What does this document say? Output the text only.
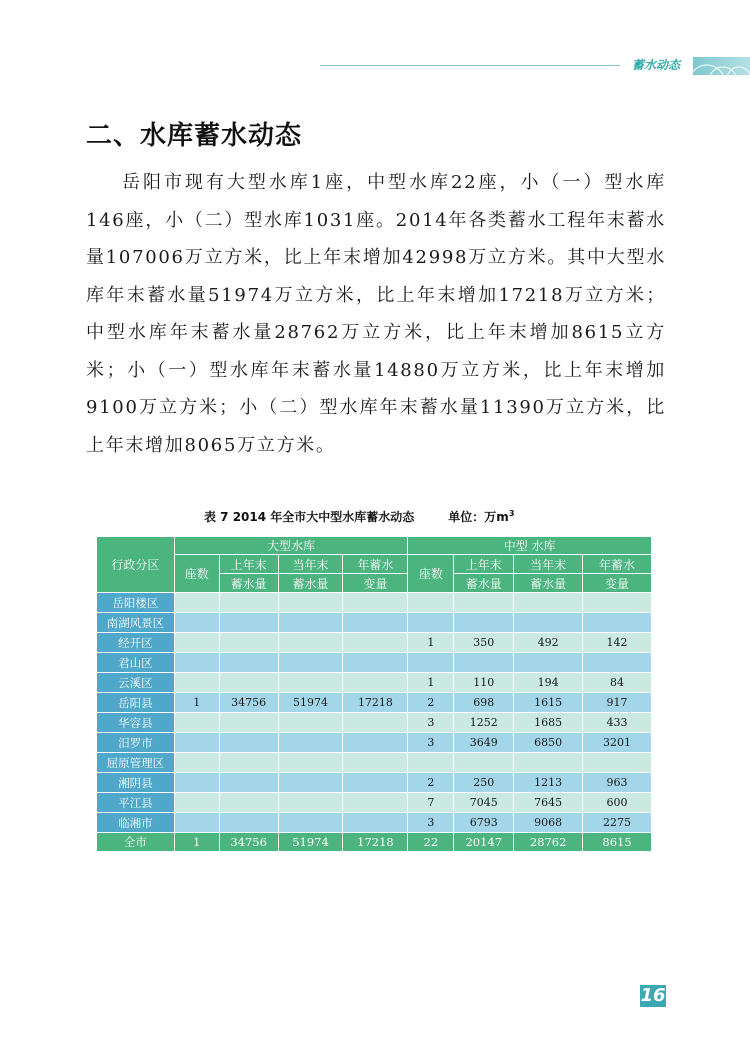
蓄水动态
二、水库蓄水动态
岳阳市现有大型水库1座，中型水库22座，小（一）型水库146座，小（二）型水库1031座。2014年各类蓄水工程年末蓄水量107006万立方米，比上年末增加42998万立方米。其中大型水库年末蓄水量51974万立方米，比上年末增加17218万立方米；中型水库年末蓄水量28762万立方米，比上年末增加8615立方米；小（一）型水库年末蓄水量14880万立方米，比上年末增加9100万立方米；小（二）型水库年末蓄水量11390万立方米，比上年末增加8065万立方米。
表 7 2014 年全市大中型水库蓄水动态	单位：万$m^3$
行政分区	大型水库				中型 水库			
	座数	上年末	当年末	年蓄水	座数	上年末	当年末	年蓄水
		蓄水量	蓄水量	变量		蓄水量	蓄水量	变量
岳阳楼区								
南湖风景区								
经开区					1	350	492	142
君山区								
云溪区					1	110	194	84
岳阳县	1	34756	51974	17218	2	698	1615	917
华容县					3	1252	1685	433
汨罗市					3	3649	6850	3201
屈原管理区								
湘阴县					2	250	1213	963
平江县					7	7045	7645	600
临湘市					3	6793	9068	2275
全市	1	34756	51974	17218	22	20147	28762	8615
16
